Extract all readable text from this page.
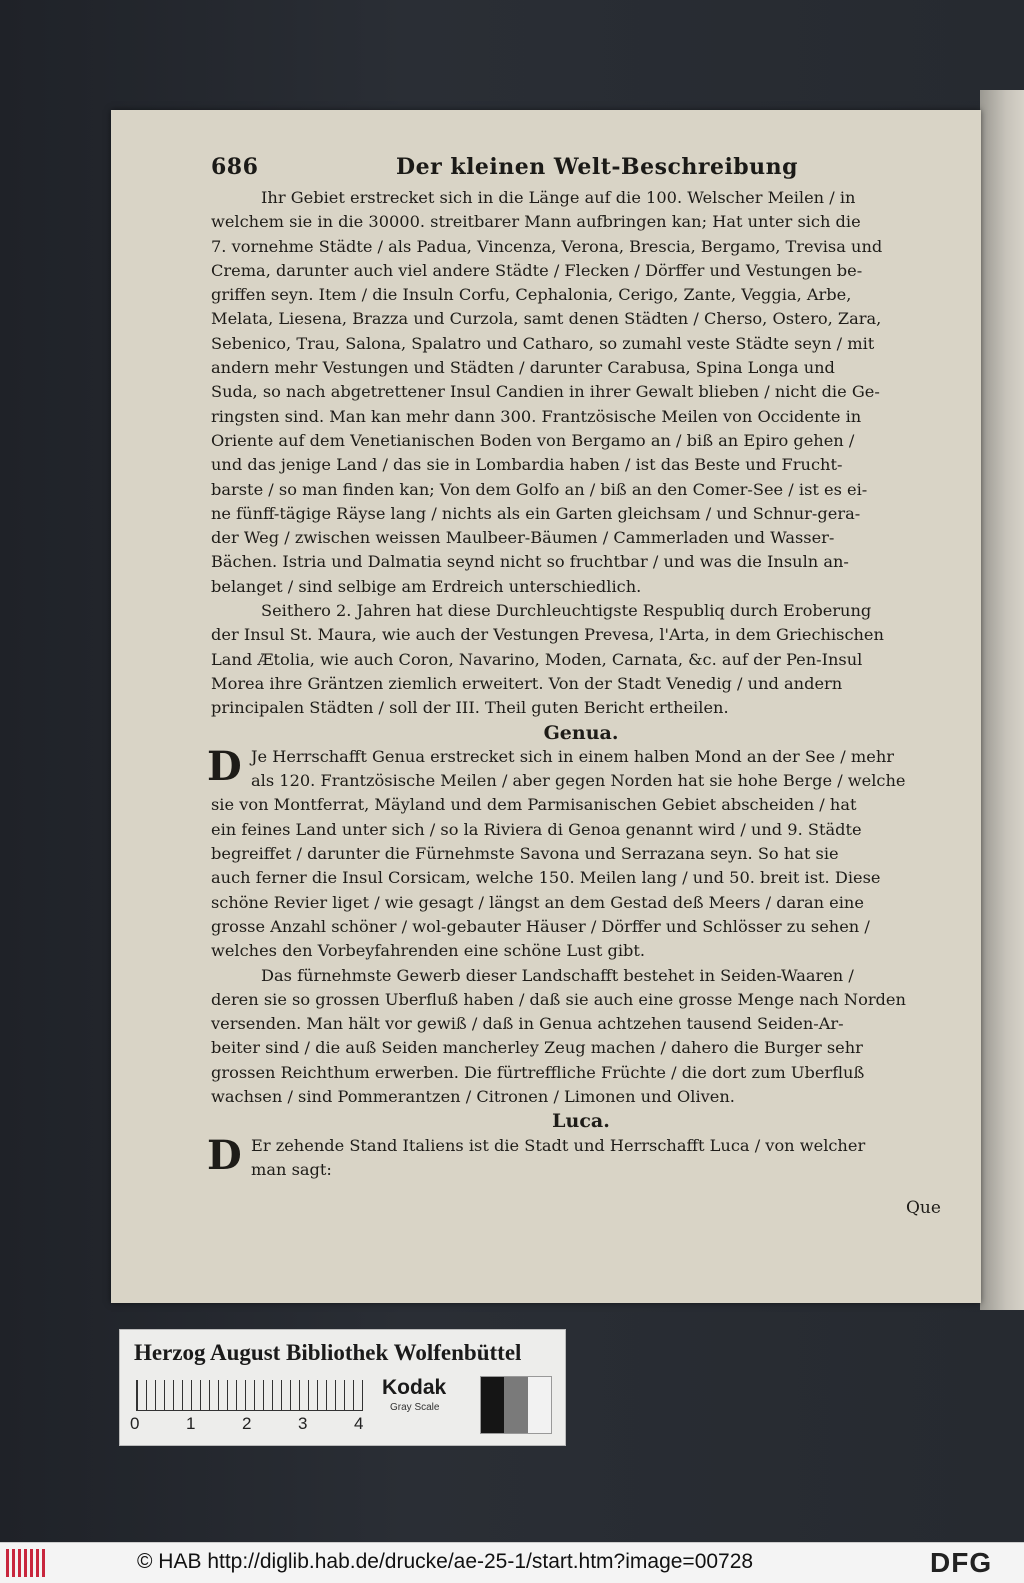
686	Der kleinen Welt-Beschreibung
Ihr Gebiet erstrecket sich in die Länge auf die 100. Welscher Meilen / in
welchem sie in die 30000. streitbarer Mann aufbringen kan; Hat unter sich die
7. vornehme Städte / als Padua, Vincenza, Verona, Brescia, Bergamo, Trevisa und
Crema, darunter auch viel andere Städte / Flecken / Dörffer und Vestungen be-
griffen seyn. Item / die Insuln Corfu, Cephalonia, Cerigo, Zante, Veggia, Arbe,
Melata, Liesena, Brazza und Curzola, samt denen Städten / Cherso, Ostero, Zara,
Sebenico, Trau, Salona, Spalatro und Catharo, so zumahl veste Städte seyn / mit
andern mehr Vestungen und Städten / darunter Carabusa, Spina Longa und
Suda, so nach abgetrettener Insul Candien in ihrer Gewalt blieben / nicht die Ge-
ringsten sind. Man kan mehr dann 300. Frantzösische Meilen von Occidente in
Oriente auf dem Venetianischen Boden von Bergamo an / biß an Epiro gehen /
und das jenige Land / das sie in Lombardia haben / ist das Beste und Frucht-
barste / so man finden kan; Von dem Golfo an / biß an den Comer-See / ist es ei-
ne fünff-tägige Räyse lang / nichts als ein Garten gleichsam / und Schnur-gera-
der Weg / zwischen weissen Maulbeer-Bäumen / Cammerladen und Wasser-
Bächen. Istria und Dalmatia seynd nicht so fruchtbar / und was die Insuln an-
belanget / sind selbige am Erdreich unterschiedlich.
Seithero 2. Jahren hat diese Durchleuchtigste Respubliq durch Eroberung
der Insul St. Maura, wie auch der Vestungen Prevesa, l'Arta, in dem Griechischen
Land Ætolia, wie auch Coron, Navarino, Moden, Carnata, &c. auf der Pen-Insul
Morea ihre Gräntzen ziemlich erweitert. Von der Stadt Venedig / und andern
principalen Städten / soll der III. Theil guten Bericht ertheilen.
Genua.
D Je Herrschafft Genua erstrecket sich in einem halben Mond an der See / mehr
als 120. Frantzösische Meilen / aber gegen Norden hat sie hohe Berge / welche
sie von Montferrat, Mäyland und dem Parmisanischen Gebiet abscheiden / hat
ein feines Land unter sich / so la Riviera di Genoa genannt wird / und 9. Städte
begreiffet / darunter die Fürnehmste Savona und Serrazana seyn. So hat sie
auch ferner die Insul Corsicam, welche 150. Meilen lang / und 50. breit ist. Diese
schöne Revier liget / wie gesagt / längst an dem Gestad deß Meers / daran eine
grosse Anzahl schöner / wol-gebauter Häuser / Dörffer und Schlösser zu sehen /
welches den Vorbeyfahrenden eine schöne Lust gibt.
Das fürnehmste Gewerb dieser Landschafft bestehet in Seiden-Waaren /
deren sie so grossen Uberfluß haben / daß sie auch eine grosse Menge nach Norden
versenden. Man hält vor gewiß / daß in Genua achtzehen tausend Seiden-Ar-
beiter sind / die auß Seiden mancherley Zeug machen / dahero die Burger sehr
grossen Reichthum erwerben. Die fürtreffliche Früchte / die dort zum Uberfluß
wachsen / sind Pommerantzen / Citronen / Limonen und Oliven.
Luca.
D Er zehende Stand Italiens ist die Stadt und Herrschafft Luca / von welcher
man sagt:
Que
Herzog August Bibliothek Wolfenbüttel
0	1	2	3	4
Kodak
Gray Scale
© HAB http://diglib.hab.de/drucke/ae-25-1/start.htm?image=00728	DFG
